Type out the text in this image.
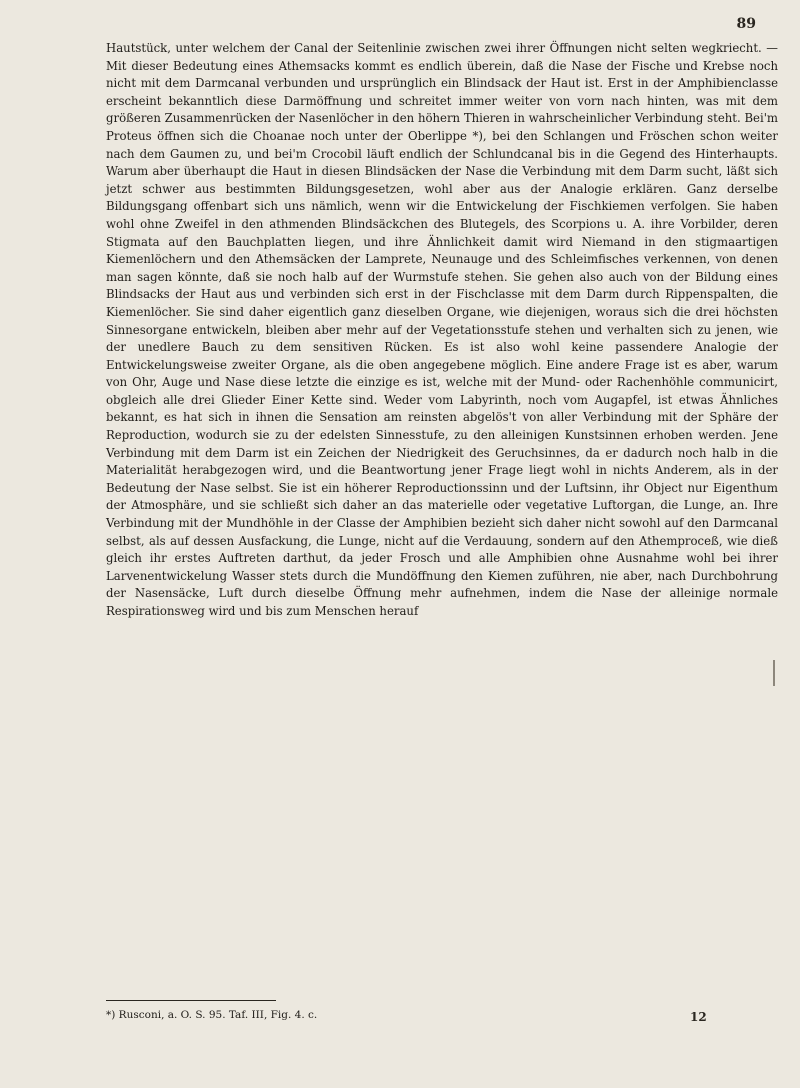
89

Hautstück, unter welchem der Canal der Seitenlinie zwischen zwei ihrer Öffnungen nicht selten wegkriecht. — Mit dieser Bedeutung eines Athemsacks kommt es endlich überein, daß die Nase der Fische und Krebse noch nicht mit dem Darmcanal verbunden und ursprünglich ein Blindsack der Haut ist. Erst in der Amphibienclasse erscheint bekanntlich diese Darmöffnung und schreitet immer weiter von vorn nach hinten, was mit dem größeren Zusammenrücken der Nasenlöcher in den höhern Thieren in wahrscheinlicher Verbindung steht. Bei'm Proteus öffnen sich die Choanae noch unter der Oberlippe *), bei den Schlangen und Fröschen schon weiter nach dem Gaumen zu, und bei'm Crocobil läuft endlich der Schlundcanal bis in die Gegend des Hinterhaupts. Warum aber überhaupt die Haut in diesen Blindsäcken der Nase die Verbindung mit dem Darm sucht, läßt sich jetzt schwer aus bestimmten Bildungsgesetzen, wohl aber aus der Analogie erklären. Ganz derselbe Bildungsgang offenbart sich uns nämlich, wenn wir die Entwickelung der Fischkiemen verfolgen. Sie haben wohl ohne Zweifel in den athmenden Blindsäckchen des Blutegels, des Scorpions u. A. ihre Vorbilder, deren Stigmata auf den Bauchplatten liegen, und ihre Ähnlichkeit damit wird Niemand in den stigmaartigen Kiemenlöchern und den Athemsäcken der Lamprete, Neunauge und des Schleimfisches verkennen, von denen man sagen könnte, daß sie noch halb auf der Wurmstufe stehen. Sie gehen also auch von der Bildung eines Blindsacks der Haut aus und verbinden sich erst in der Fischclasse mit dem Darm durch Rippenspalten, die Kiemenlöcher. Sie sind daher eigentlich ganz dieselben Organe, wie diejenigen, woraus sich die drei höchsten Sinnesorgane entwickeln, bleiben aber mehr auf der Vegetationsstufe stehen und verhalten sich zu jenen, wie der unedlere Bauch zu dem sensitiven Rücken. Es ist also wohl keine passendere Analogie der Entwickelungsweise zweiter Organe, als die oben angegebene möglich. Eine andere Frage ist es aber, warum von Ohr, Auge und Nase diese letzte die einzige es ist, welche mit der Mund- oder Rachenhöhle communicirt, obgleich alle drei Glieder Einer Kette sind. Weder vom Labyrinth, noch vom Augapfel, ist etwas Ähnliches bekannt, es hat sich in ihnen die Sensation am reinsten abgelös't von aller Verbindung mit der Sphäre der Reproduction, wodurch sie zu der edelsten Sinnesstufe, zu den alleinigen Kunstsinnen erhoben werden. Jene Verbindung mit dem Darm ist ein Zeichen der Niedrigkeit des Geruchsinnes, da er dadurch noch halb in die Materialität herabgezogen wird, und die Beantwortung jener Frage liegt wohl in nichts Anderem, als in der Bedeutung der Nase selbst. Sie ist ein höherer Reproductionssinn und der Luftsinn, ihr Object nur Eigenthum der Atmosphäre, und sie schließt sich daher an das materielle oder vegetative Luftorgan, die Lunge, an. Ihre Verbindung mit der Mundhöhle in der Classe der Amphibien bezieht sich daher nicht sowohl auf den Darmcanal selbst, als auf dessen Ausfackung, die Lunge, nicht auf die Verdauung, sondern auf den Athemproceß, wie dieß gleich ihr erstes Auftreten darthut, da jeder Frosch und alle Amphibien ohne Ausnahme wohl bei ihrer Larvenentwickelung Wasser stets durch die Mundöffnung den Kiemen zuführen, nie aber, nach Durchbohrung der Nasensäcke, Luft durch dieselbe Öffnung mehr aufnehmen, indem die Nase der alleinige normale Respirationsweg wird und bis zum Menschen herauf

*) Rusconi, a. O. S. 95. Taf. III, Fig. 4. c.	12
